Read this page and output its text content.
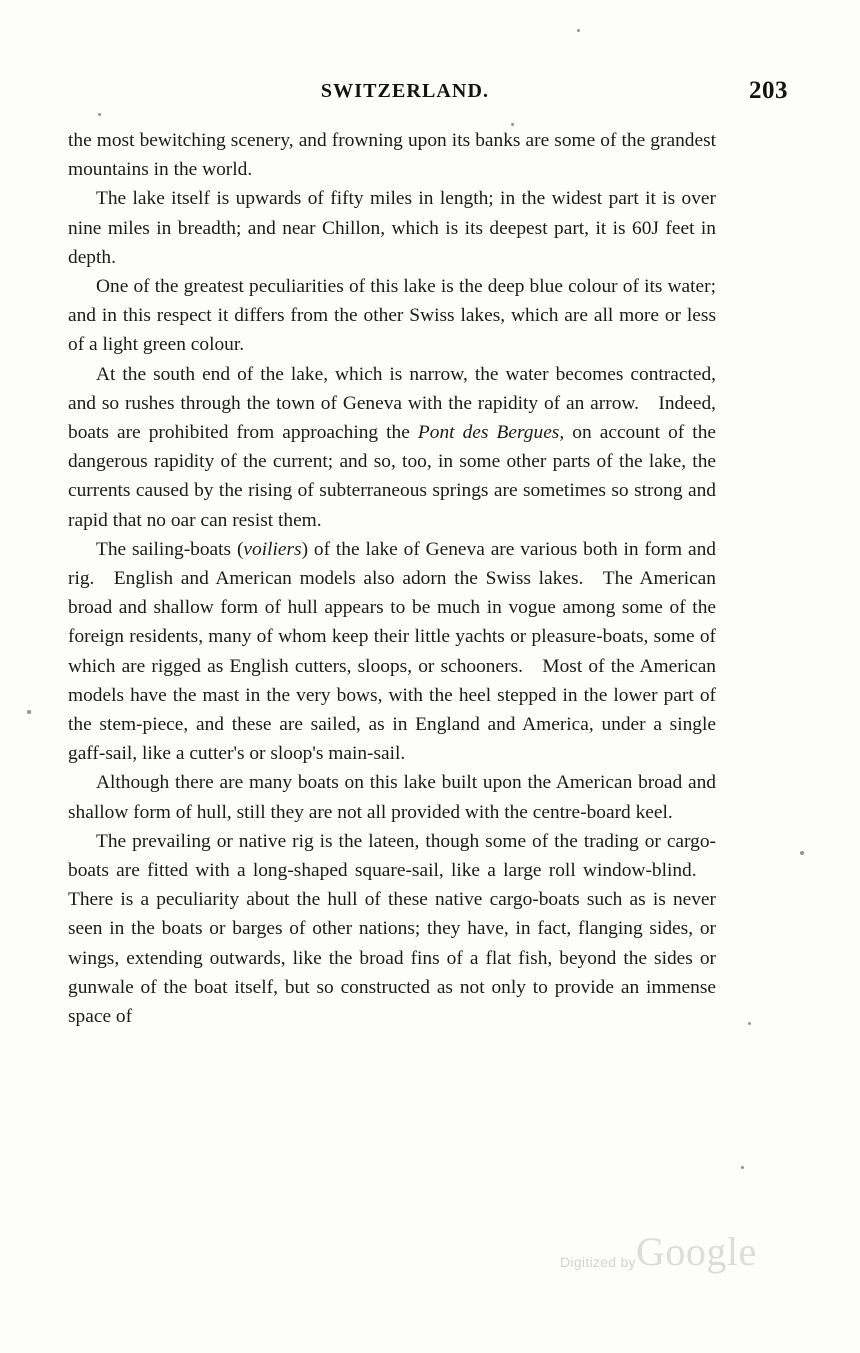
SWITZERLAND.	203

the most bewitching scenery, and frowning upon its banks are some of the grandest mountains in the world.

The lake itself is upwards of fifty miles in length; in the widest part it is over nine miles in breadth; and near Chillon, which is its deepest part, it is 60J feet in depth.

One of the greatest peculiarities of this lake is the deep blue colour of its water; and in this respect it differs from the other Swiss lakes, which are all more or less of a light green colour.

At the south end of the lake, which is narrow, the water becomes contracted, and so rushes through the town of Geneva with the rapidity of an arrow. Indeed, boats are prohibited from approaching the Pont des Bergues, on account of the dangerous rapidity of the current; and so, too, in some other parts of the lake, the currents caused by the rising of subterraneous springs are sometimes so strong and rapid that no oar can resist them.

The sailing-boats (voiliers) of the lake of Geneva are various both in form and rig. English and American models also adorn the Swiss lakes. The American broad and shallow form of hull appears to be much in vogue among some of the foreign residents, many of whom keep their little yachts or pleasure-boats, some of which are rigged as English cutters, sloops, or schooners. Most of the American models have the mast in the very bows, with the heel stepped in the lower part of the stem-piece, and these are sailed, as in England and America, under a single gaff-sail, like a cutter's or sloop's main-sail.

Although there are many boats on this lake built upon the American broad and shallow form of hull, still they are not all provided with the centre-board keel.

The prevailing or native rig is the lateen, though some of the trading or cargo-boats are fitted with a long-shaped square-sail, like a large roll window-blind. There is a peculiarity about the hull of these native cargo-boats such as is never seen in the boats or barges of other nations; they have, in fact, flanging sides, or wings, extending outwards, like the broad fins of a flat fish, beyond the sides or gunwale of the boat itself, but so constructed as not only to provide an immense space of

Digitized by Google
